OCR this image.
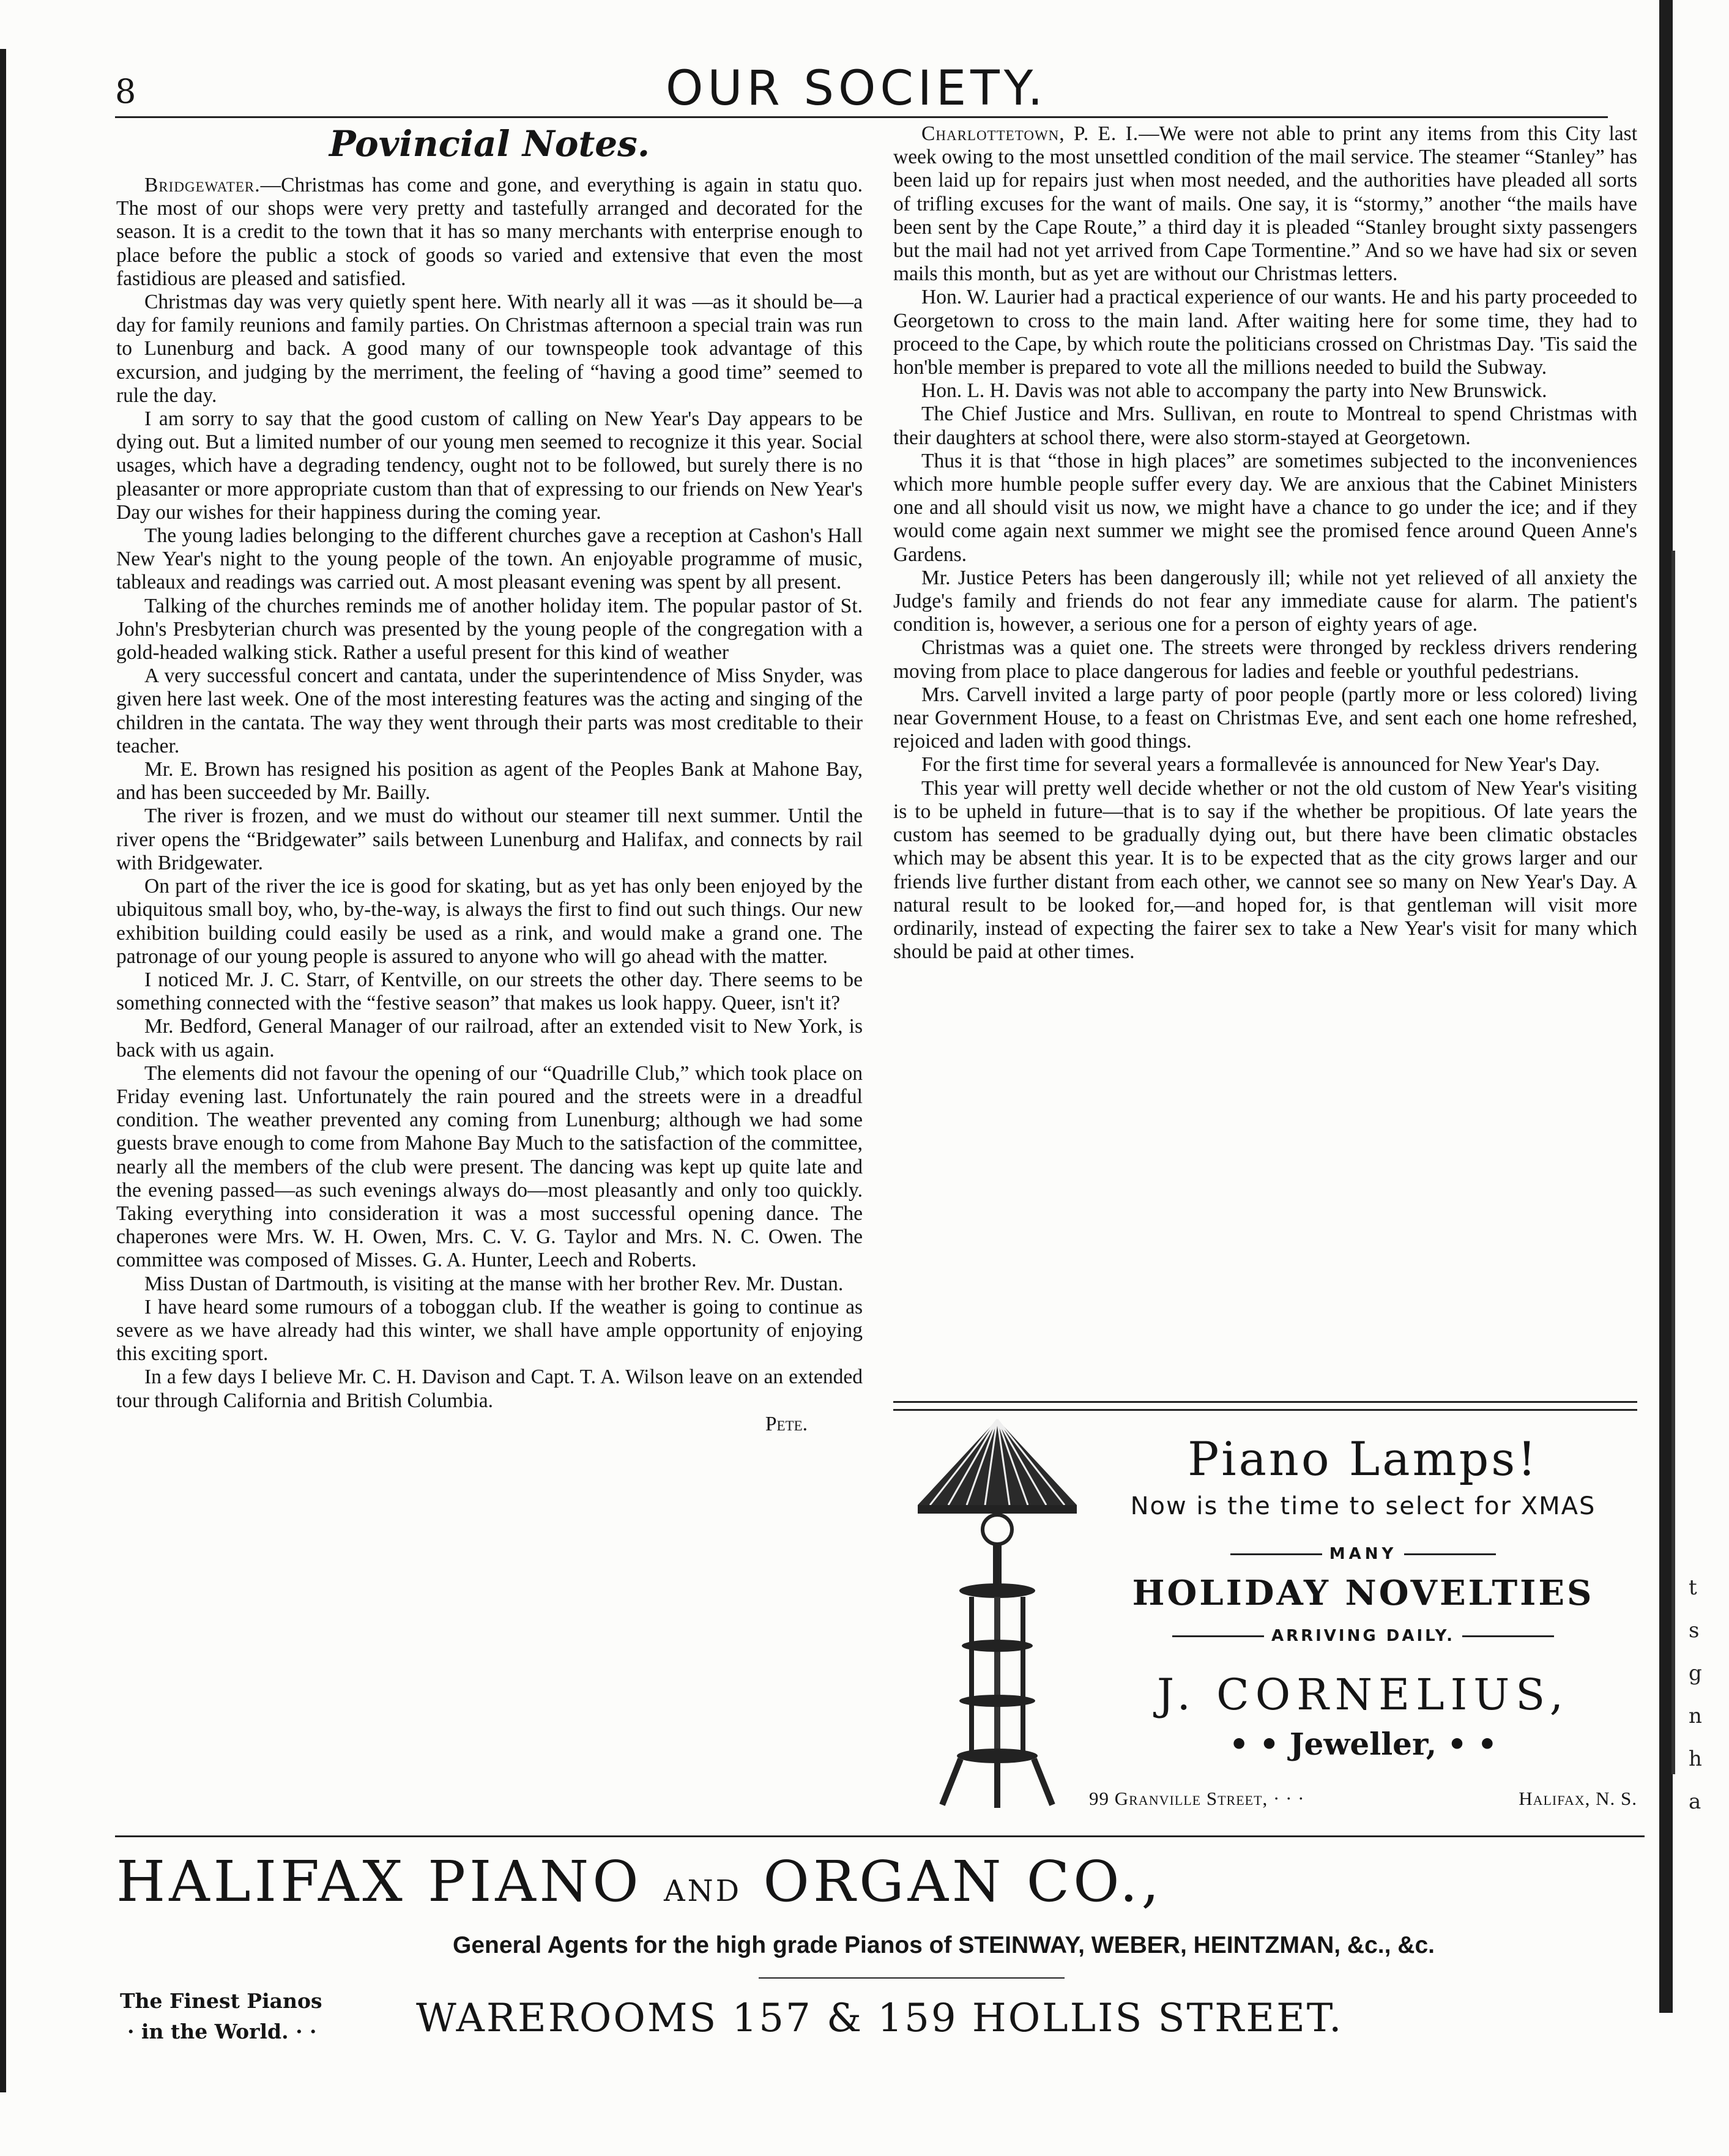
t
s
g
n
h
a
8	OUR SOCIETY.
Povincial Notes.

Bridgewater.—Christmas has come and gone, and everything is again in statu quo. The most of our shops were very pretty and tastefully arranged and decorated for the season. It is a credit to the town that it has so many merchants with enterprise enough to place before the public a stock of goods so varied and extensive that even the most fastidious are pleased and satisfied.

Christmas day was very quietly spent here. With nearly all it was —as it should be—a day for family reunions and family parties. On Christmas afternoon a special train was run to Lunenburg and back. A good many of our townspeople took advantage of this excursion, and judging by the merriment, the feeling of “having a good time” seemed to rule the day.

I am sorry to say that the good custom of calling on New Year's Day appears to be dying out. But a limited number of our young men seemed to recognize it this year. Social usages, which have a degrading tendency, ought not to be followed, but surely there is no pleasanter or more appropriate custom than that of expressing to our friends on New Year's Day our wishes for their happiness during the coming year.

The young ladies belonging to the different churches gave a reception at Cashon's Hall New Year's night to the young people of the town. An enjoyable programme of music, tableaux and readings was carried out. A most pleasant evening was spent by all present.

Talking of the churches reminds me of another holiday item. The popular pastor of St. John's Presbyterian church was presented by the young people of the congregation with a gold-headed walking stick. Rather a useful present for this kind of weather

A very successful concert and cantata, under the superintendence of Miss Snyder, was given here last week. One of the most interesting features was the acting and singing of the children in the cantata. The way they went through their parts was most creditable to their teacher.

Mr. E. Brown has resigned his position as agent of the Peoples Bank at Mahone Bay, and has been succeeded by Mr. Bailly.

The river is frozen, and we must do without our steamer till next summer. Until the river opens the “Bridgewater” sails between Lunenburg and Halifax, and connects by rail with Bridgewater.

On part of the river the ice is good for skating, but as yet has only been enjoyed by the ubiquitous small boy, who, by-the-way, is always the first to find out such things. Our new exhibition building could easily be used as a rink, and would make a grand one. The patronage of our young people is assured to anyone who will go ahead with the matter.

I noticed Mr. J. C. Starr, of Kentville, on our streets the other day. There seems to be something connected with the “festive season” that makes us look happy. Queer, isn't it?

Mr. Bedford, General Manager of our railroad, after an extended visit to New York, is back with us again.

The elements did not favour the opening of our “Quadrille Club,” which took place on Friday evening last. Unfortunately the rain poured and the streets were in a dreadful condition. The weather prevented any coming from Lunenburg; although we had some guests brave enough to come from Mahone Bay Much to the satisfaction of the committee, nearly all the members of the club were present. The dancing was kept up quite late and the evening passed—as such evenings always do—most pleasantly and only too quickly. Taking everything into consideration it was a most successful opening dance. The chaperones were Mrs. W. H. Owen, Mrs. C. V. G. Taylor and Mrs. N. C. Owen. The committee was composed of Misses. G. A. Hunter, Leech and Roberts.

Miss Dustan of Dartmouth, is visiting at the manse with her brother Rev. Mr. Dustan.

I have heard some rumours of a toboggan club. If the weather is going to continue as severe as we have already had this winter, we shall have ample opportunity of enjoying this exciting sport.

In a few days I believe Mr. C. H. Davison and Capt. T. A. Wilson leave on an extended tour through California and British Columbia.

Pete.

Charlottetown, P. E. I.—We were not able to print any items from this City last week owing to the most unsettled condition of the mail service. The steamer “Stanley” has been laid up for repairs just when most needed, and the authorities have pleaded all sorts of trifling excuses for the want of mails. One say, it is “stormy,” another “the mails have been sent by the Cape Route,” a third day it is pleaded “Stanley brought sixty passengers but the mail had not yet arrived from Cape Tormentine.” And so we have had six or seven mails this month, but as yet are without our Christmas letters.

Hon. W. Laurier had a practical experience of our wants. He and his party proceeded to Georgetown to cross to the main land. After waiting here for some time, they had to proceed to the Cape, by which route the politicians crossed on Christmas Day. 'Tis said the hon'ble member is prepared to vote all the millions needed to build the Subway.

Hon. L. H. Davis was not able to accompany the party into New Brunswick.

The Chief Justice and Mrs. Sullivan, en route to Montreal to spend Christmas with their daughters at school there, were also storm-stayed at Georgetown.

Thus it is that “those in high places” are sometimes subjected to the inconveniences which more humble people suffer every day. We are anxious that the Cabinet Ministers one and all should visit us now, we might have a chance to go under the ice; and if they would come again next summer we might see the promised fence around Queen Anne's Gardens.

Mr. Justice Peters has been dangerously ill; while not yet relieved of all anxiety the Judge's family and friends do not fear any immediate cause for alarm. The patient's condition is, however, a serious one for a person of eighty years of age.

Christmas was a quiet one. The streets were thronged by reckless drivers rendering moving from place to place dangerous for ladies and feeble or youthful pedestrians.

Mrs. Carvell invited a large party of poor people (partly more or less colored) living near Government House, to a feast on Christmas Eve, and sent each one home refreshed, rejoiced and laden with good things.

For the first time for several years a formallevée is announced for New Year's Day.

This year will pretty well decide whether or not the old custom of New Year's visiting is to be upheld in future—that is to say if the whether be propitious. Of late years the custom has seemed to be gradually dying out, but there have been climatic obstacles which may be absent this year. It is to be expected that as the city grows larger and our friends live further distant from each other, we cannot see so many on New Year's Day. A natural result to be looked for,—and hoped for, is that gentleman will visit more ordinarily, instead of expecting the fairer sex to take a New Year's visit for many which should be paid at other times.

Piano Lamps!
Now is the time to select for XMAS
MANY
HOLIDAY NOVELTIES
ARRIVING DAILY.
J. CORNELIUS,
• • Jeweller, • •
99 Granville Street, · · ·	Halifax, N. S.
HALIFAX PIANO AND ORGAN CO.,
General Agents for the high grade Pianos of STEINWAY, WEBER, HEINTZMAN, &c., &c.
The Finest Pianos
· in the World. · ·	WAREROOMS 157 & 159 HOLLIS STREET.
